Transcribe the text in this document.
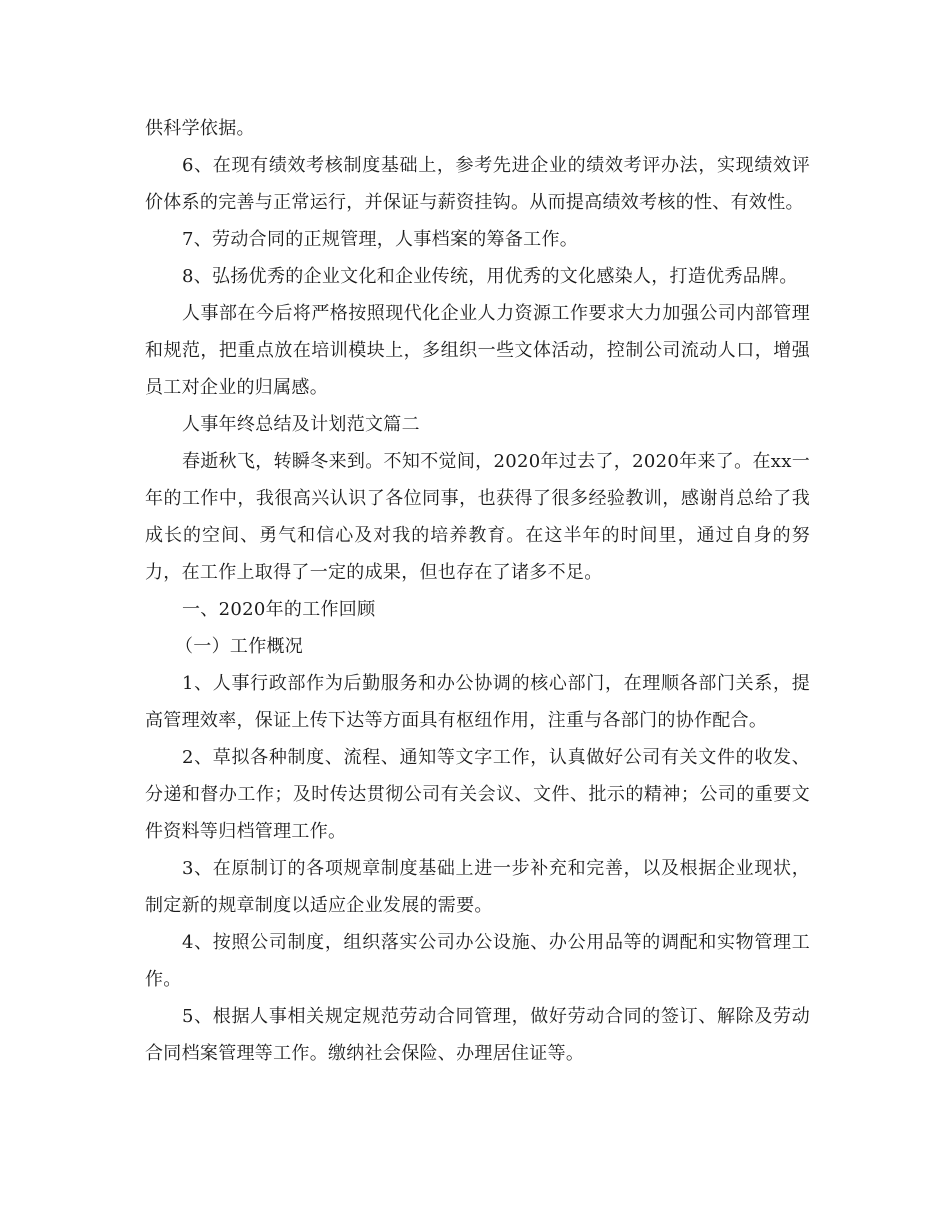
供科学依据。

6、在现有绩效考核制度基础上，参考先进企业的绩效考评办法，实现绩效评价体系的完善与正常运行，并保证与薪资挂钩。从而提高绩效考核的性、有效性。

7、劳动合同的正规管理，人事档案的筹备工作。

8、弘扬优秀的企业文化和企业传统，用优秀的文化感染人，打造优秀品牌。

人事部在今后将严格按照现代化企业人力资源工作要求大力加强公司内部管理和规范，把重点放在培训模块上，多组织一些文体活动，控制公司流动人口，增强员工对企业的归属感。

人事年终总结及计划范文篇二

春逝秋飞，转瞬冬来到。不知不觉间，2020年过去了，2020年来了。在xx一年的工作中，我很高兴认识了各位同事，也获得了很多经验教训，感谢肖总给了我成长的空间、勇气和信心及对我的培养教育。在这半年的时间里，通过自身的努力，在工作上取得了一定的成果，但也存在了诸多不足。

一、2020年的工作回顾

（一）工作概况

1、人事行政部作为后勤服务和办公协调的核心部门，在理顺各部门关系，提高管理效率，保证上传下达等方面具有枢纽作用，注重与各部门的协作配合。

2、草拟各种制度、流程、通知等文字工作，认真做好公司有关文件的收发、分递和督办工作；及时传达贯彻公司有关会议、文件、批示的精神；公司的重要文件资料等归档管理工作。

3、在原制订的各项规章制度基础上进一步补充和完善，以及根据企业现状，制定新的规章制度以适应企业发展的需要。

4、按照公司制度，组织落实公司办公设施、办公用品等的调配和实物管理工作。

5、根据人事相关规定规范劳动合同管理，做好劳动合同的签订、解除及劳动合同档案管理等工作。缴纳社会保险、办理居住证等。
